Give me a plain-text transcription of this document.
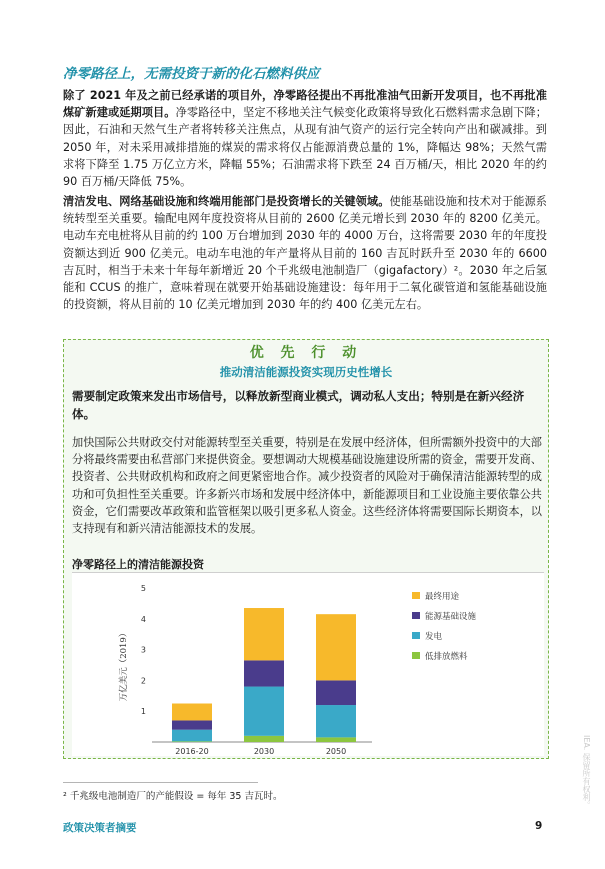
净零路径上，无需投资于新的化石燃料供应

除了 2021 年及之前已经承诺的项目外，净零路径提出不再批准油气田新开发项目，也不再批准煤矿新建或延期项目。净零路径中，坚定不移地关注气候变化政策将导致化石燃料需求急剧下降；因此，石油和天然气生产者将转移关注焦点，从现有油气资产的运行完全转向产出和碳减排。到 2050 年，对未采用减排措施的煤炭的需求将仅占能源消费总量的 1%，降幅达 98%；天然气需求将下降至 1.75 万亿立方米，降幅 55%；石油需求将下跌至 24 百万桶/天，相比 2020 年的约 90 百万桶/天降低 75%。

清洁发电、网络基础设施和终端用能部门是投资增长的关键领域。使能基础设施和技术对于能源系统转型至关重要。输配电网年度投资将从目前的 2600 亿美元增长到 2030 年的 8200 亿美元。电动车充电桩将从目前的约 100 万台增加到 2030 年的 4000 万台，这将需要 2030 年的年度投资额达到近 900 亿美元。电动车电池的年产量将从目前的 160 吉瓦时跃升至 2030 年的 6600 吉瓦时，相当于未来十年每年新增近 20 个千兆级电池制造厂（gigafactory）²。2030 年之后氢能和 CCUS 的推广，意味着现在就要开始基础设施建设：每年用于二氧化碳管道和氢能基础设施的投资额，将从目前的 10 亿美元增加到 2030 年的约 400 亿美元左右。

优 先 行 动
推动清洁能源投资实现历史性增长

需要制定政策来发出市场信号，以释放新型商业模式，调动私人支出；特别是在新兴经济体。

加快国际公共财政交付对能源转型至关重要，特别是在发展中经济体，但所需额外投资中的大部分将最终需要由私营部门来提供资金。要想调动大规模基础设施建设所需的资金，需要开发商、投资者、公共财政机构和政府之间更紧密地合作。减少投资者的风险对于确保清洁能源转型的成功和可负担性至关重要。许多新兴市场和发展中经济体中，新能源项目和工业设施主要依靠公共资金，它们需要改革政策和监管框架以吸引更多私人资金。这些经济体将需要国际长期资本，以支持现有和新兴清洁能源技术的发展。

净零路径上的清洁能源投资
万亿美元（2019）
1
2
3
4
5
2016-20	2030	2050
最终用途
能源基础设施
发电
低排放燃料
² 千兆级电池制造厂的产能假设 = 每年 35 吉瓦时。
政策决策者摘要	9
IEA. 保留所有权利。
